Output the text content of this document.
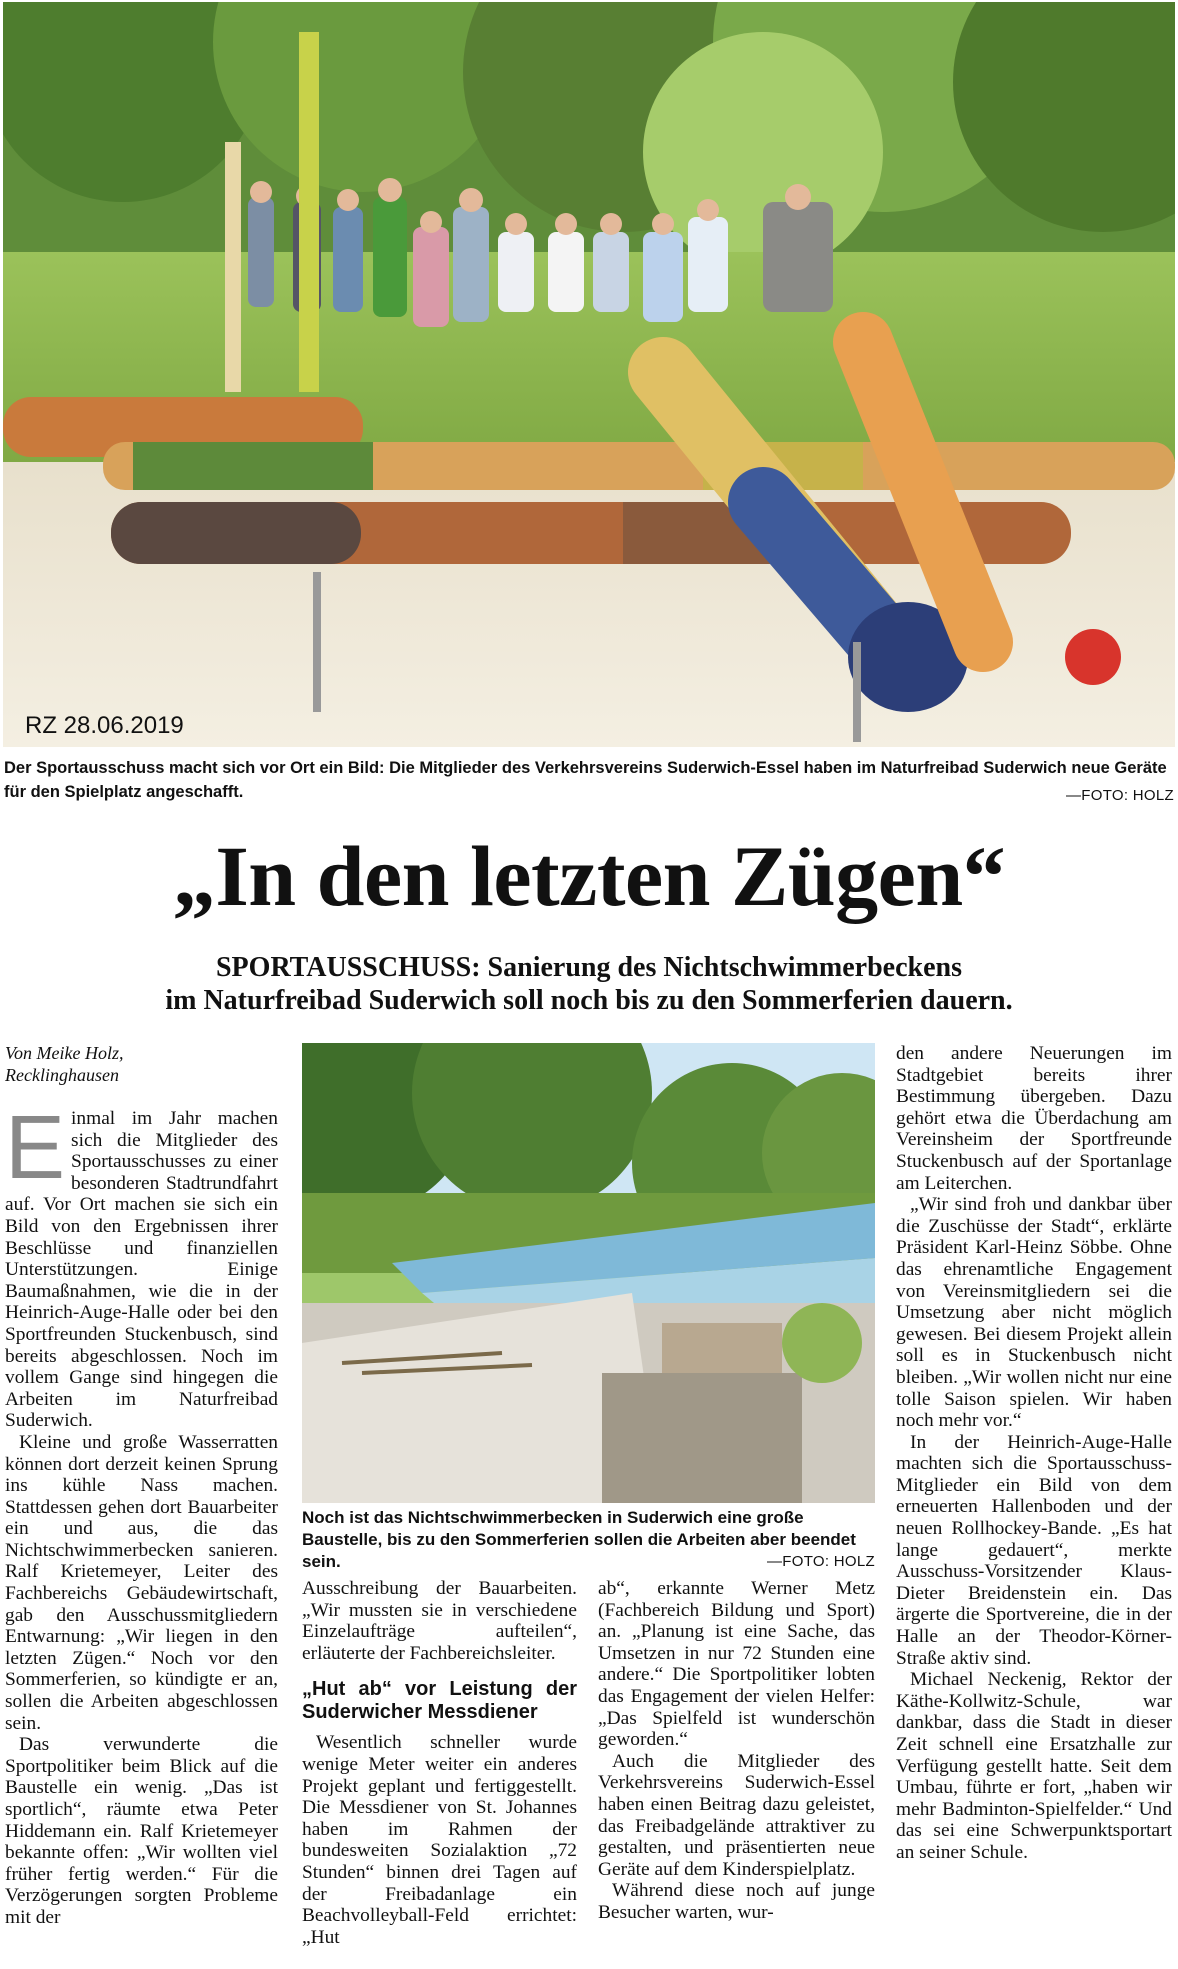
RZ 28.06.2019
Der Sportausschuss macht sich vor Ort ein Bild: Die Mitglieder des Verkehrsvereins Suderwich-Essel haben im Naturfreibad Suderwich neue Geräte für den Spielplatz angeschafft.	—FOTO: HOLZ
„In den letzten Zügen“
SPORTAUSSCHUSS: Sanierung des Nichtschwimmerbeckens
im Naturfreibad Suderwich soll noch bis zu den Sommerferien dauern.
Von Meike Holz,
Recklinghausen

Einmal im Jahr machen sich die Mitglieder des Sportausschusses zu einer besonderen Stadtrundfahrt auf. Vor Ort machen sie sich ein Bild von den Ergebnissen ihrer Beschlüsse und finanziellen Unterstützungen. Einige Baumaßnahmen, wie die in der Heinrich-Auge-Halle oder bei den Sportfreunden Stuckenbusch, sind bereits abgeschlossen. Noch im vollem Gange sind hingegen die Arbeiten im Naturfreibad Suderwich.

Kleine und große Wasserratten können dort derzeit keinen Sprung ins kühle Nass machen. Stattdessen gehen dort Bauarbeiter ein und aus, die das Nichtschwimmerbecken sanieren. Ralf Krietemeyer, Leiter des Fachbereichs Gebäudewirtschaft, gab den Ausschussmitgliedern Entwarnung: „Wir liegen in den letzten Zügen.“ Noch vor den Sommerferien, so kündigte er an, sollen die Arbeiten abgeschlossen sein.

Das verwunderte die Sportpolitiker beim Blick auf die Baustelle ein wenig. „Das ist sportlich“, räumte etwa Peter Hiddemann ein. Ralf Krietemeyer bekannte offen: „Wir wollten viel früher fertig werden.“ Für die Verzögerungen sorgten Probleme mit der

Noch ist das Nichtschwimmerbecken in Suderwich eine große Baustelle, bis zu den Sommerferien sollen die Arbeiten aber beendet sein.	—FOTO: HOLZ

Ausschreibung der Bauarbeiten. „Wir mussten sie in verschiedene Einzelaufträge aufteilen“, erläuterte der Fachbereichsleiter.

„Hut ab“ vor Leistung der Suderwicher Messdiener

Wesentlich schneller wurde wenige Meter weiter ein anderes Projekt geplant und fertiggestellt. Die Messdiener von St. Johannes haben im Rahmen der bundesweiten Sozialaktion „72 Stunden“ binnen drei Tagen auf der Freibadanlage ein Beachvolleyball-Feld errichtet: „Hut

ab“, erkannte Werner Metz (Fachbereich Bildung und Sport) an. „Planung ist eine Sache, das Umsetzen in nur 72 Stunden eine andere.“ Die Sportpolitiker lobten das Engagement der vielen Helfer: „Das Spielfeld ist wunderschön geworden.“

Auch die Mitglieder des Verkehrsvereins Suderwich-Essel haben einen Beitrag dazu geleistet, das Freibadgelände attraktiver zu gestalten, und präsentierten neue Geräte auf dem Kinderspielplatz.

Während diese noch auf junge Besucher warten, wur-

den andere Neuerungen im Stadtgebiet bereits ihrer Bestimmung übergeben. Dazu gehört etwa die Überdachung am Vereinsheim der Sportfreunde Stuckenbusch auf der Sportanlage am Leiterchen.

„Wir sind froh und dankbar über die Zuschüsse der Stadt“, erklärte Präsident Karl-Heinz Söbbe. Ohne das ehrenamtliche Engagement von Vereinsmitgliedern sei die Umsetzung aber nicht möglich gewesen. Bei diesem Projekt allein soll es in Stuckenbusch nicht bleiben. „Wir wollen nicht nur eine tolle Saison spielen. Wir haben noch mehr vor.“

In der Heinrich-Auge-Halle machten sich die Sportausschuss-Mitglieder ein Bild von dem erneuerten Hallenboden und der neuen Rollhockey-Bande. „Es hat lange gedauert“, merkte Ausschuss-Vorsitzender Klaus-Dieter Breidenstein ein. Das ärgerte die Sportvereine, die in der Halle an der Theodor-Körner-Straße aktiv sind.

Michael Neckenig, Rektor der Käthe-Kollwitz-Schule, war dankbar, dass die Stadt in dieser Zeit schnell eine Ersatzhalle zur Verfügung gestellt hatte. Seit dem Umbau, führte er fort, „haben wir mehr Badminton-Spielfelder.“ Und das sei eine Schwerpunktsportart an seiner Schule.
